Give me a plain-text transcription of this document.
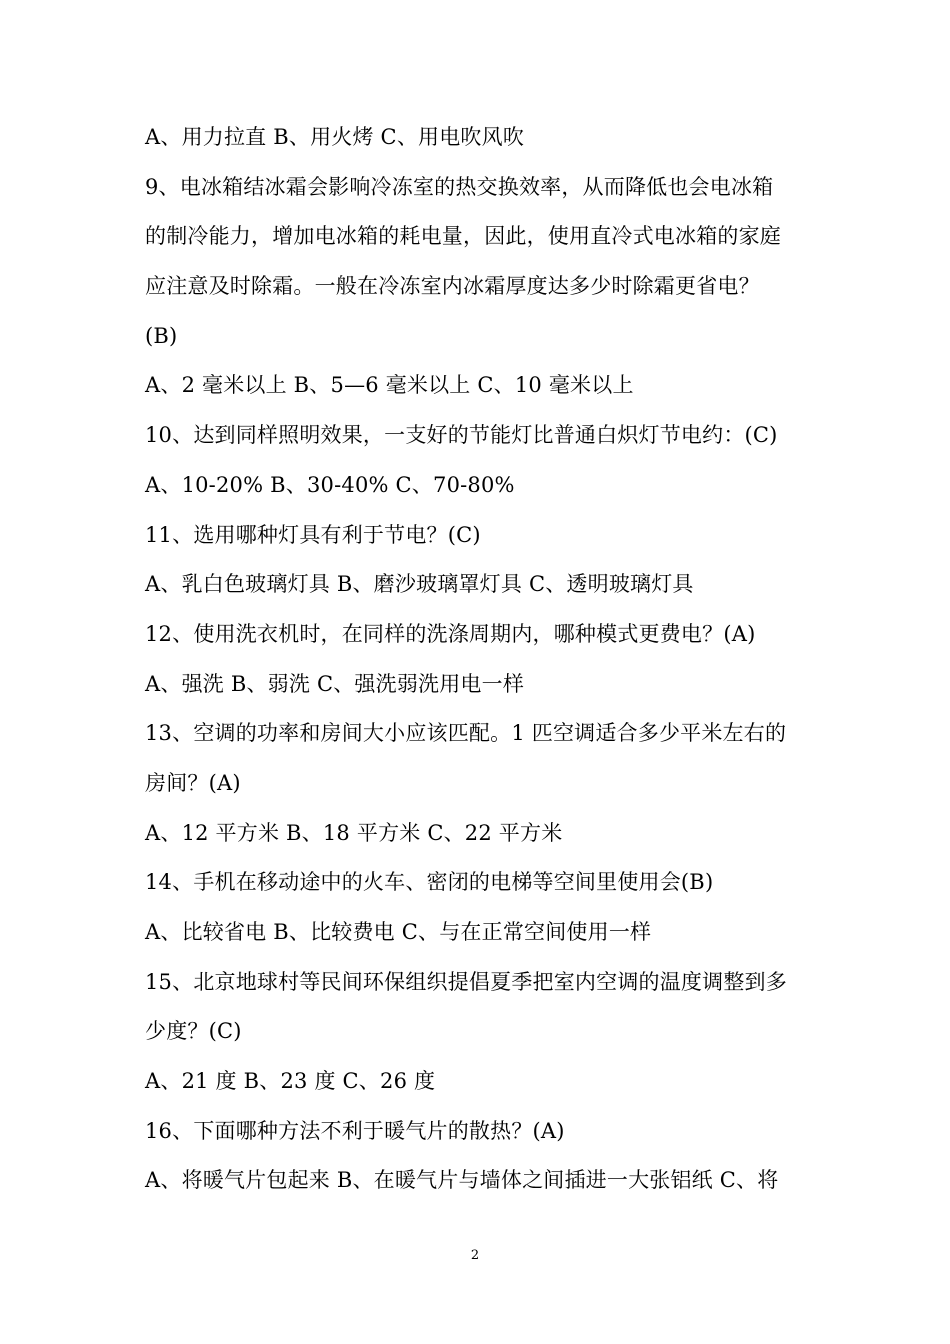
A、用力拉直 B、用火烤 C、用电吹风吹
9、电冰箱结冰霜会影响冷冻室的热交换效率，从而降低也会电冰箱
的制冷能力，增加电冰箱的耗电量，因此，使用直冷式电冰箱的家庭
应注意及时除霜。一般在冷冻室内冰霜厚度达多少时除霜更省电？
(B)
A、2 毫米以上 B、5—6 毫米以上 C、10 毫米以上
10、达到同样照明效果，一支好的节能灯比普通白炽灯节电约：(C)
A、10-20% B、30-40% C、70-80%
11、选用哪种灯具有利于节电？(C)
A、乳白色玻璃灯具 B、磨沙玻璃罩灯具 C、透明玻璃灯具
12、使用洗衣机时，在同样的洗涤周期内，哪种模式更费电？(A)
A、强洗 B、弱洗 C、强洗弱洗用电一样
13、空调的功率和房间大小应该匹配。1 匹空调适合多少平米左右的
房间？(A)
A、12 平方米 B、18 平方米 C、22 平方米
14、手机在移动途中的火车、密闭的电梯等空间里使用会(B)
A、比较省电 B、比较费电 C、与在正常空间使用一样
15、北京地球村等民间环保组织提倡夏季把室内空调的温度调整到多
少度？(C)
A、21 度 B、23 度 C、26 度
16、下面哪种方法不利于暖气片的散热？(A)
A、将暖气片包起来 B、在暖气片与墙体之间插进一大张铝纸 C、将
2
